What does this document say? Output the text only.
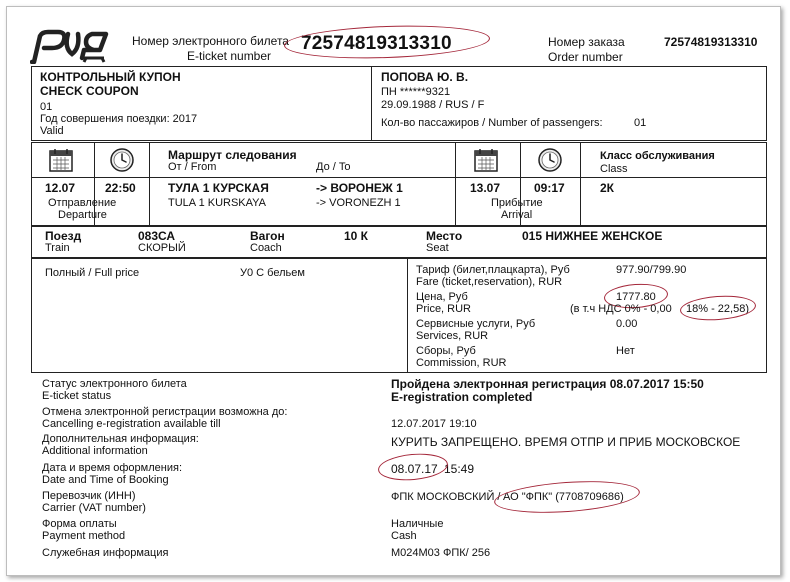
Номер электронного билета
E-ticket number
72574819313310	Номер заказа
Order number
72574819313310
КОНТРОЛЬНЫЙ КУПОН
CHECK COUPON
01
Год совершения поездки: 2017
Valid
ПОПОВА Ю. В.
ПН ******9321
29.09.1988 / RUS / F
Кол-во пассажиров / Number of passengers:	01
Маршрут следования
От / From	До / To
Класс обслуживания
Class
12.07 22:50
Отправление
Departure
ТУЛА 1 КУРСКАЯ
TULA 1 KURSKAYA
-> ВОРОНЕЖ 1
-> VORONEZH 1
13.07	09:17
Прибытие
Arrival
2К
Поезд
Train
083СА
СКОРЫЙ
Вагон
Coach
10 К	Место
Seat
015 НИЖНЕЕ ЖЕНСКОЕ
Полный / Full price	У0 С бельем	Тариф (билет,плацкарта), Руб
Fare (ticket,reservation), RUR
977.90/799.90
Цена, Руб
Price, RUR
1777.80
(в т.ч НДС 0% - 0,00 18% - 22,58)
Сервисные услуги, Руб
Services, RUR
0.00
Сборы, Руб
Commission, RUR
Нет
Статус электронного билета
E-ticket status
Пройдена электронная регистрация 08.07.2017 15:50
E-registration completed
Отмена электронной регистрации возможна до:
Cancelling e-registration available till	12.07.2017 19:10
Дополнительная информация:
Additional information
КУРИТЬ ЗАПРЕЩЕНО. ВРЕМЯ ОТПР И ПРИБ МОСКОВСКОЕ
Дата и время оформления:
Date and Time of Booking
08.07.17 15:49
Перевозчик (ИНН)
Carrier (VAT number)
ФПК МОСКОВСКИЙ / АО "ФПК" (7708709686)
Форма оплаты
Payment method
Наличные
Cash
Служебная информация	М024М03 ФПК/ 256
